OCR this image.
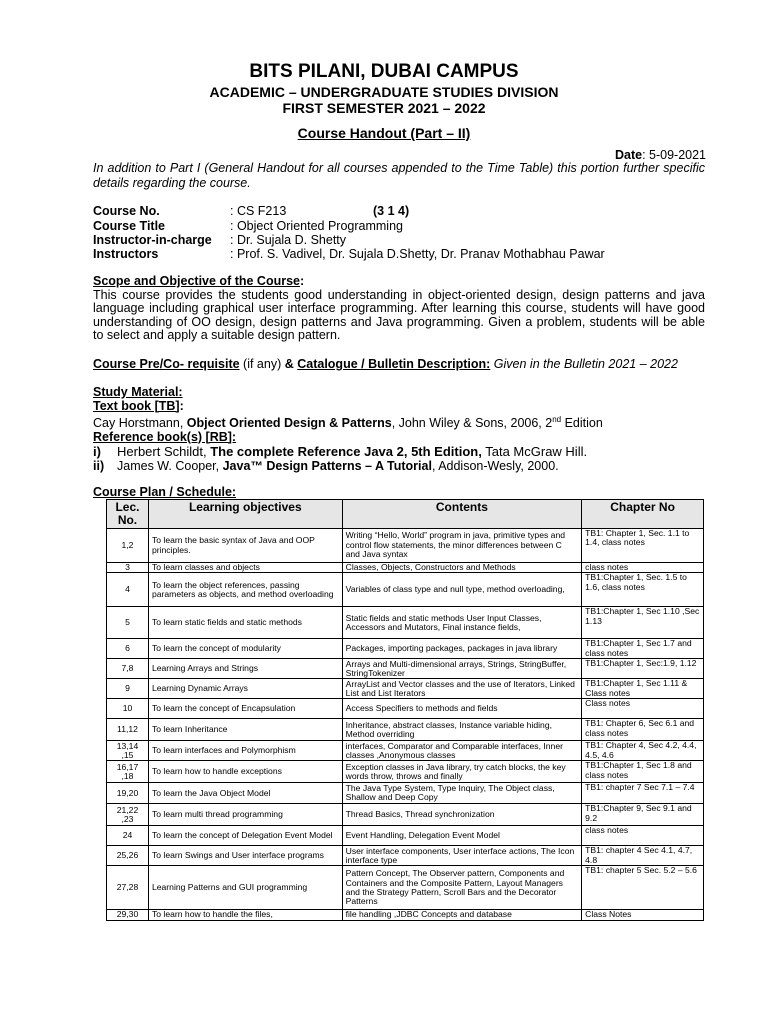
BITS PILANI, DUBAI CAMPUS
ACADEMIC – UNDERGRADUATE STUDIES DIVISION
FIRST SEMESTER 2021 – 2022
Course Handout (Part – II)
Date: 5-09-2021
In addition to Part I (General Handout for all courses appended to the Time Table) this portion further specific details regarding the course.
Course No.	: CS F213	(3 1 4)
Course Title	: Object Oriented Programming
Instructor-in-charge : Dr. Sujala D. Shetty
Instructors	: Prof. S. Vadivel, Dr. Sujala D.Shetty, Dr. Pranav Mothabhau Pawar
Scope and Objective of the Course:
This course provides the students good understanding in object-oriented design, design patterns and java language including graphical user interface programming. After learning this course, students will have good understanding of OO design, design patterns and Java programming. Given a problem, students will be able to select and apply a suitable design pattern.
Course Pre/Co- requisite (if any) & Catalogue / Bulletin Description: Given in the Bulletin 2021 – 2022
Study Material:
Text book [TB]:
Cay Horstmann, Object Oriented Design & Patterns, John Wiley & Sons, 2006, 2nd Edition
Reference book(s) [RB]:
i) Herbert Schildt, The complete Reference Java 2, 5th Edition, Tata McGraw Hill.
ii) James W. Cooper, Java™ Design Patterns – A Tutorial, Addison-Wesly, 2000.
Course Plan / Schedule:
Lec. No.	Learning objectives	Contents	Chapter No
1,2	To learn the basic syntax of Java and OOP principles.	Writing “Hello, World” program in java, primitive types and control flow statements, the minor differences between C and Java syntax	TB1: Chapter 1, Sec. 1.1 to 1.4, class notes
3	To learn classes and objects	Classes, Objects, Constructors and Methods	class notes
4	To learn the object references, passing parameters as objects, and method overloading	Variables of class type and null type, method overloading,	TB1:Chapter 1, Sec. 1.5 to 1.6, class notes
5	To learn static fields and static methods	Static fields and static methods User Input Classes, Accessors and Mutators, Final instance fields,	TB1:Chapter 1, Sec 1.10 ,Sec 1.13
6	To learn the concept of modularity	Packages, importing packages, packages in java library	TB1:Chapter 1, Sec 1.7 and class notes
7,8	Learning Arrays and Strings	Arrays and Multi-dimensional arrays, Strings, StringBuffer, StringTokenizer	TB1:Chapter 1, Sec:1.9, 1.12
9	Learning Dynamic Arrays	ArrayList and Vector classes and the use of Iterators, Linked List and List Iterators	TB1:Chapter 1, Sec 1.11 & Class notes
10	To learn the concept of Encapsulation	Access Specifiers to methods and fields	Class notes
11,12	To learn Inheritance	Inheritance, abstract classes, Instance variable hiding, Method overriding	TB1: Chapter 6, Sec 6.1 and class notes
13,14 ,15	To learn interfaces and Polymorphism	interfaces, Comparator and Comparable interfaces, Inner classes ,Anonymous classes	TB1: Chapter 4, Sec 4.2, 4.4, 4.5, 4.6
16,17 ,18	To learn how to handle exceptions	Exception classes in Java library, try catch blocks, the key words throw, throws and finally	TB1:Chapter 1, Sec 1.8 and class notes
19,20	To learn the Java Object Model	The Java Type System, Type Inquiry, The Object class, Shallow and Deep Copy	TB1: chapter 7 Sec 7.1 – 7.4
21,22 ,23	To learn multi thread programming	Thread Basics, Thread synchronization	TB1:Chapter 9, Sec 9.1 and 9.2
24	To learn the concept of Delegation Event Model	Event Handling, Delegation Event Model	class notes
25,26	To learn Swings and User interface programs	User interface components, User interface actions, The Icon interface type	TB1: chapter 4 Sec 4.1, 4.7, 4.8
27,28	Learning Patterns and GUI programming	Pattern Concept, The Observer pattern, Components and Containers and the Composite Pattern, Layout Managers and the Strategy Pattern, Scroll Bars and the Decorator Patterns	TB1: chapter 5 Sec. 5.2 – 5.6
29,30	To learn how to handle the files,	file handling ,JDBC Concepts and database	Class Notes
